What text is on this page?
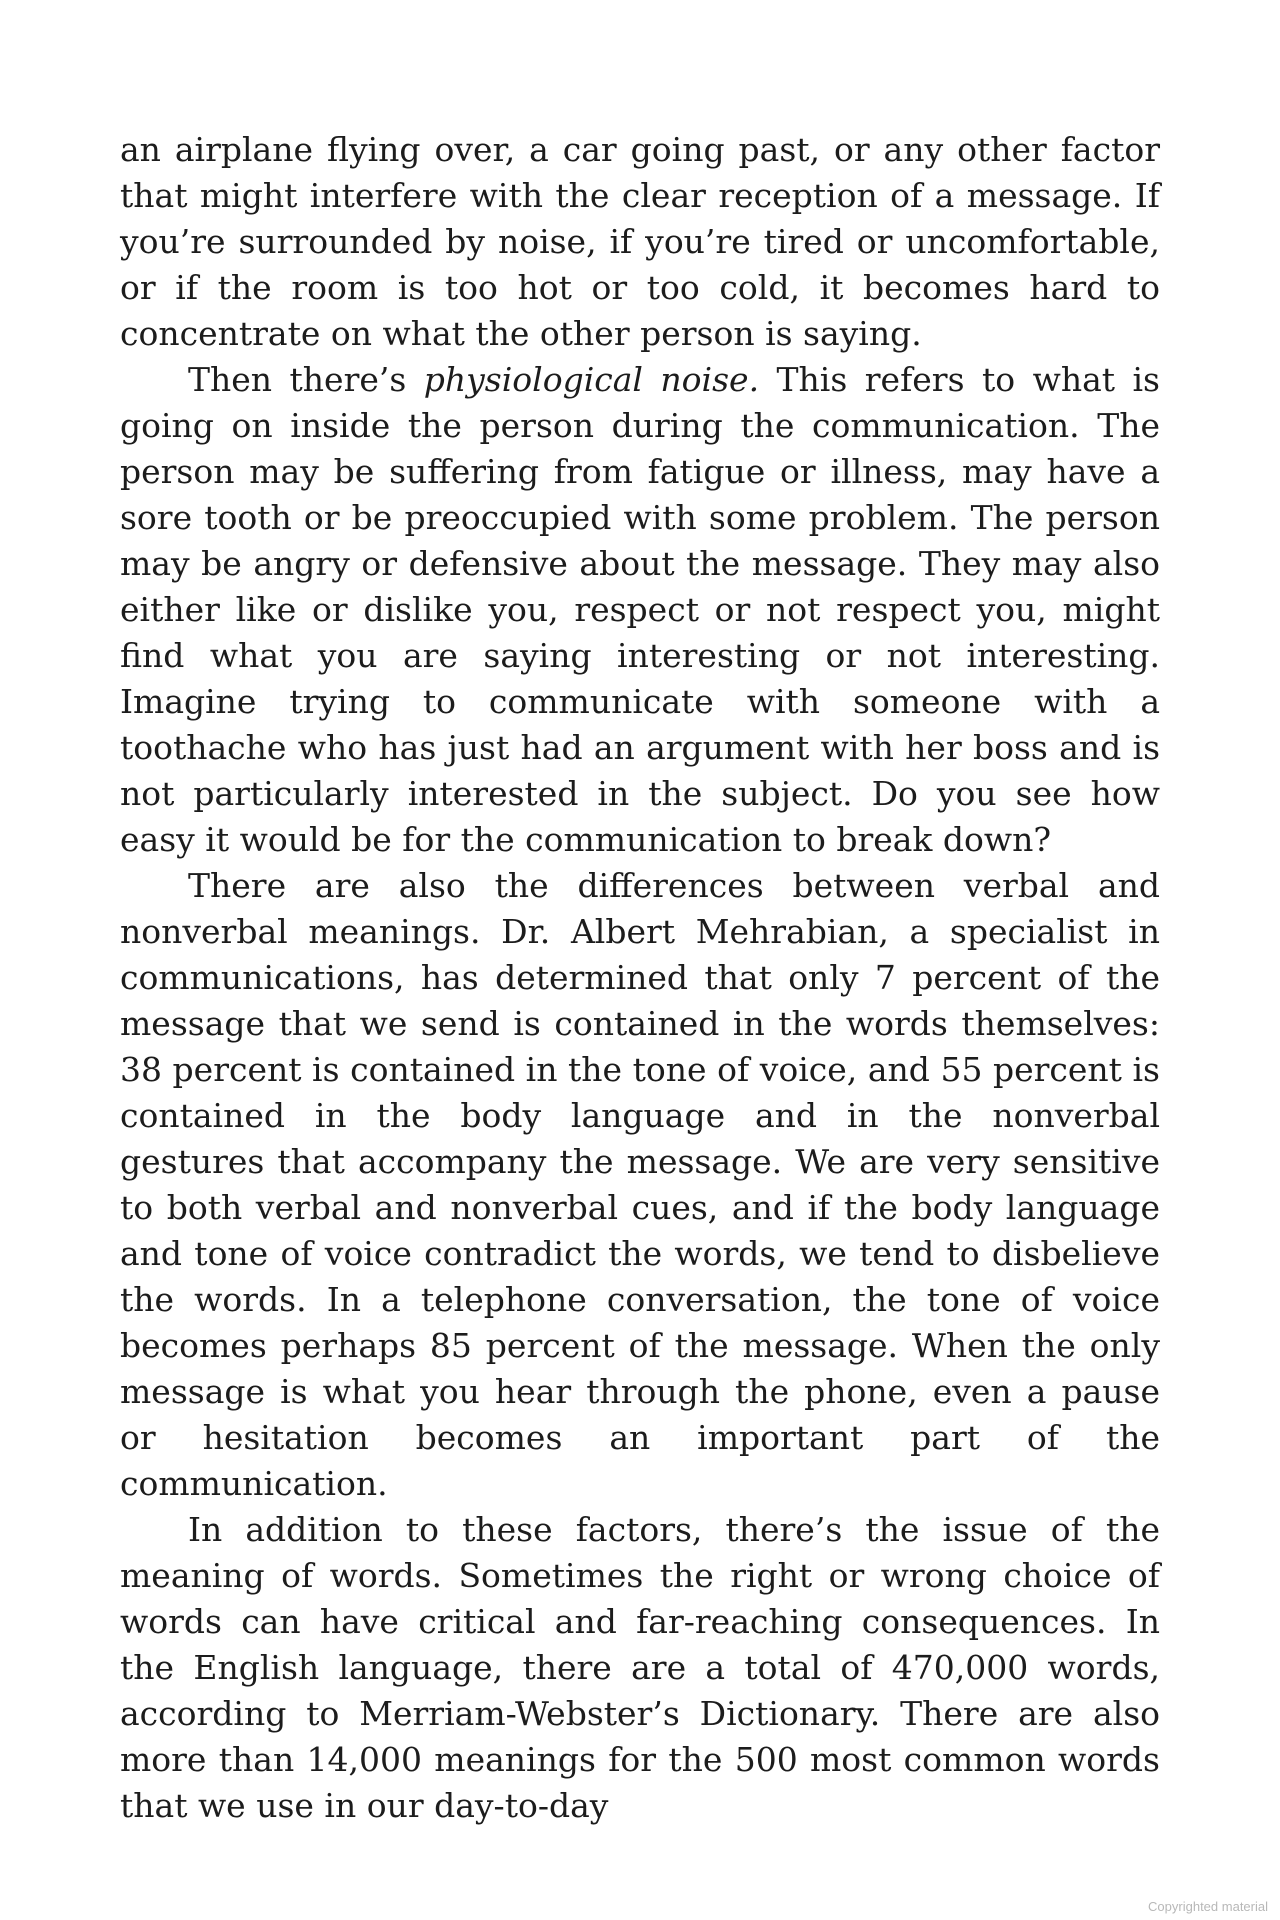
an airplane flying over, a car going past, or any other factor that might interfere with the clear reception of a message. If you’re surrounded by noise, if you’re tired or uncomfortable, or if the room is too hot or too cold, it becomes hard to concentrate on what the other person is saying.

Then there’s physiological noise. This refers to what is going on inside the person during the communication. The person may be suffering from fatigue or illness, may have a sore tooth or be preoccupied with some problem. The person may be angry or defensive about the message. They may also either like or dislike you, respect or not respect you, might find what you are saying interesting or not interesting. Imagine trying to communicate with someone with a toothache who has just had an argument with her boss and is not particularly interested in the subject. Do you see how easy it would be for the communication to break down?

There are also the differences between verbal and nonverbal meanings. Dr. Albert Mehrabian, a specialist in communications, has determined that only 7 percent of the message that we send is contained in the words themselves: 38 percent is contained in the tone of voice, and 55 percent is contained in the body language and in the nonverbal gestures that accompany the message. We are very sensitive to both verbal and nonverbal cues, and if the body language and tone of voice contradict the words, we tend to disbelieve the words. In a telephone conversation, the tone of voice becomes perhaps 85 percent of the message. When the only message is what you hear through the phone, even a pause or hesitation becomes an important part of the communication.

In addition to these factors, there’s the issue of the meaning of words. Sometimes the right or wrong choice of words can have critical and far-reaching consequences. In the English language, there are a total of 470,000 words, according to Merriam-Webster’s Dictionary. There are also more than 14,000 meanings for the 500 most common words that we use in our day-to-day

Copyrighted material
